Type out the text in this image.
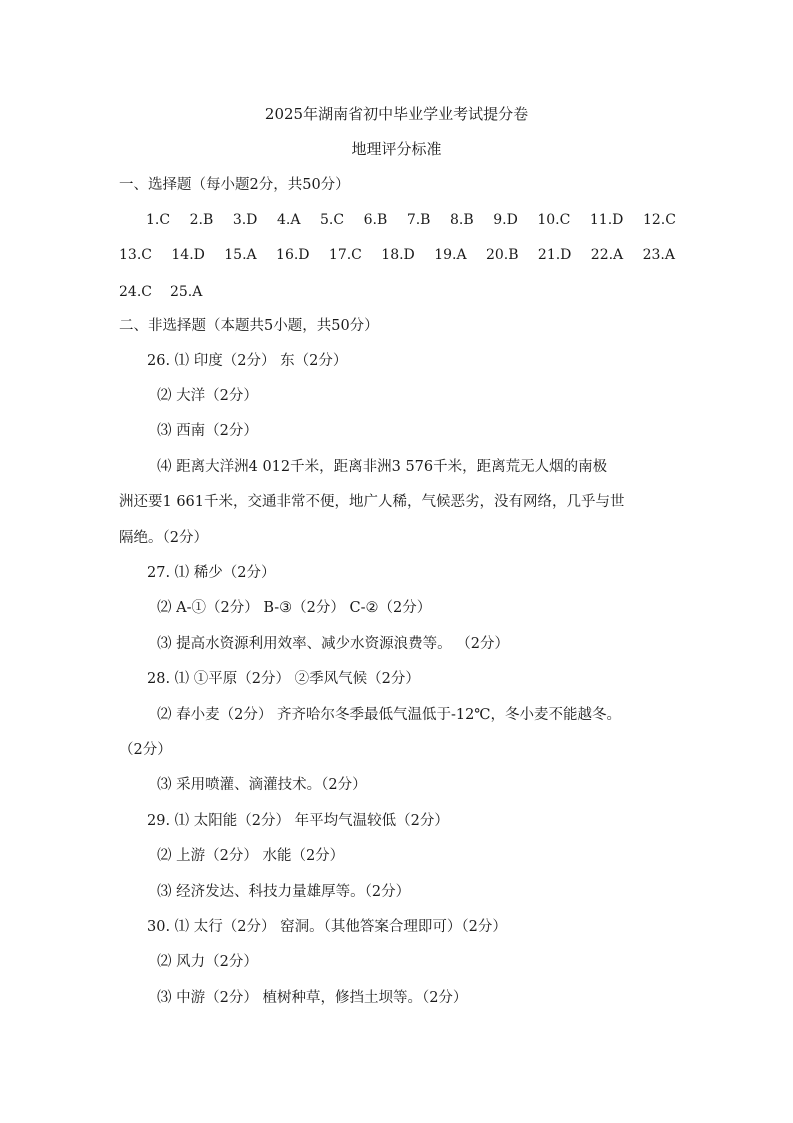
2025年湖南省初中毕业学业考试提分卷
地理评分标准
一、选择题（每小题2分，共50分）
1.C 2.B 3.D 4.A 5.C 6.B 7.B 8.B 9.D 10.C 11.D 12.C
13.C 14.D 15.A 16.D 17.C 18.D 19.A 20.B 21.D 22.A 23.A
24.C 25.A
二、非选择题（本题共5小题，共50分）
26. ⑴ 印度（2分） 东（2分）
⑵ 大洋（2分）
⑶ 西南（2分）
⑷ 距离大洋洲4 012千米，距离非洲3 576千米，距离荒无人烟的南极
洲还要1 661千米，交通非常不便，地广人稀，气候恶劣，没有网络，几乎与世
隔绝。（2分）
27. ⑴ 稀少（2分）
⑵ A-①（2分） B-③（2分） C-②（2分）
⑶ 提高水资源利用效率、减少水资源浪费等。 （2分）
28. ⑴ ①平原（2分） ②季风气候（2分）
⑵ 春小麦（2分） 齐齐哈尔冬季最低气温低于-12℃，冬小麦不能越冬。
（2分）
⑶ 采用喷灌、滴灌技术。（2分）
29. ⑴ 太阳能（2分） 年平均气温较低（2分）
⑵ 上游（2分） 水能（2分）
⑶ 经济发达、科技力量雄厚等。（2分）
30. ⑴ 太行（2分） 窑洞。（其他答案合理即可）（2分）
⑵ 风力（2分）
⑶ 中游（2分） 植树种草，修挡土坝等。（2分）
